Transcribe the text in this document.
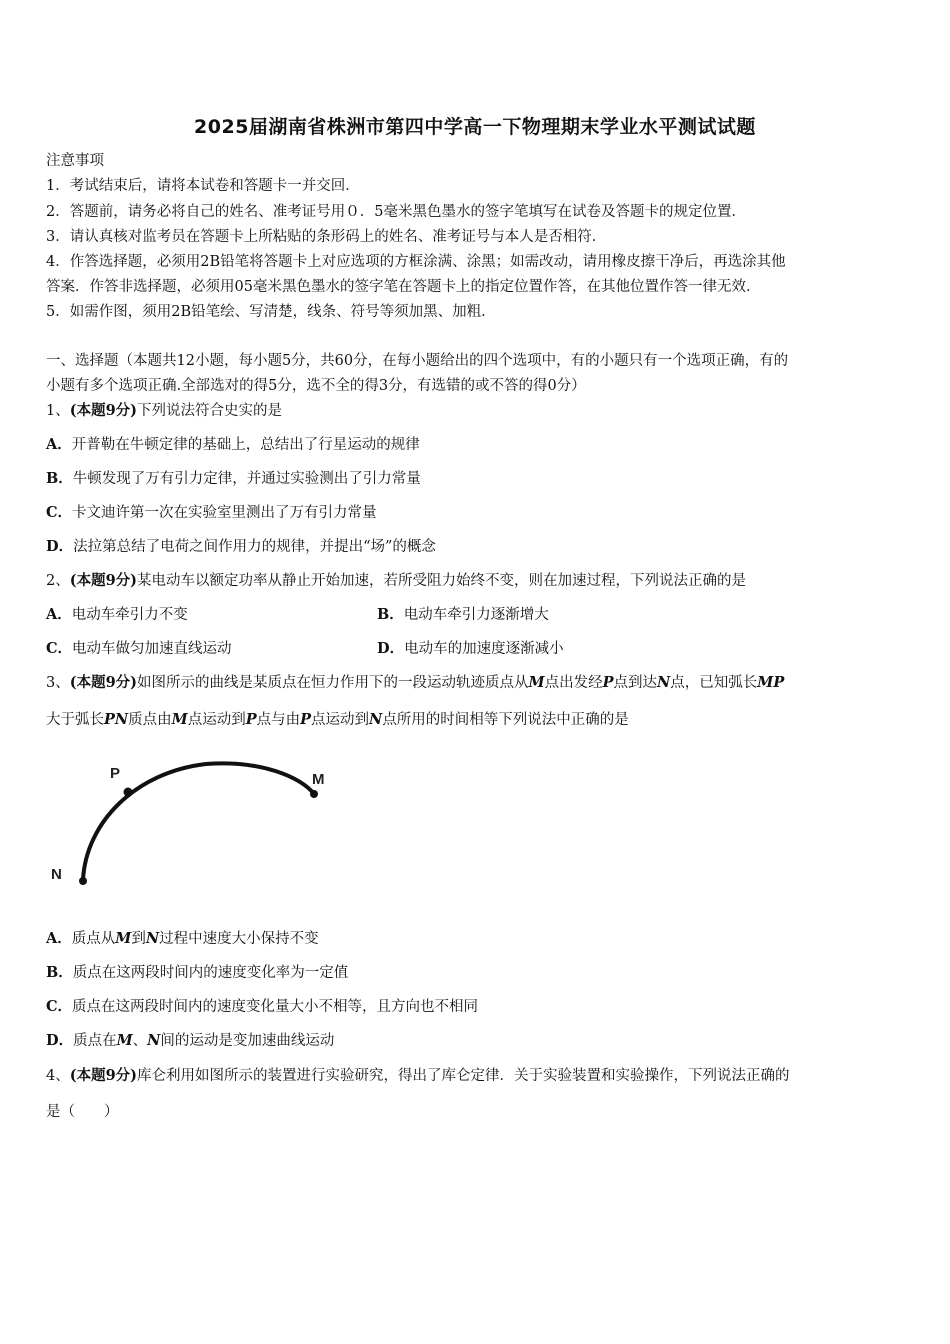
2025届湖南省株洲市第四中学高一下物理期末学业水平测试试题
注意事项
1．考试结束后，请将本试卷和答题卡一并交回．
2．答题前，请务必将自己的姓名、准考证号用０．5毫米黑色墨水的签字笔填写在试卷及答题卡的规定位置．
3．请认真核对监考员在答题卡上所粘贴的条形码上的姓名、准考证号与本人是否相符．
4．作答选择题，必须用2B铅笔将答题卡上对应选项的方框涂满、涂黑；如需改动，请用橡皮擦干净后，再选涂其他
答案．作答非选择题，必须用05毫米黑色墨水的签字笔在答题卡上的指定位置作答，在其他位置作答一律无效．
5．如需作图，须用2B铅笔绘、写清楚，线条、符号等须加黑、加粗．
一、选择题（本题共12小题，每小题5分，共60分，在每小题给出的四个选项中，有的小题只有一个选项正确，有的
小题有多个选项正确.全部选对的得5分，选不全的得3分，有选错的或不答的得0分）
1、(本题9分)下列说法符合史实的是
A．开普勒在牛顿定律的基础上，总结出了行星运动的规律
B．牛顿发现了万有引力定律，并通过实验测出了引力常量
C．卡文迪许第一次在实验室里测出了万有引力常量
D．法拉第总结了电荷之间作用力的规律，并提出“场”的概念
2、(本题9分)某电动车以额定功率从静止开始加速，若所受阻力始终不变，则在加速过程，下列说法正确的是
A．电动车牵引力不变	B．电动车牵引力逐渐增大
C．电动车做匀加速直线运动	D．电动车的加速度逐渐减小
3、(本题9分)如图所示的曲线是某质点在恒力作用下的一段运动轨迹质点从M点出发经P点到达N点，已知弧长MP
大于弧长PN质点由M点运动到P点与由P点运动到N点所用的时间相等下列说法中正确的是
P	M
N
A．质点从M到N过程中速度大小保持不变
B．质点在这两段时间内的速度变化率为一定值
C．质点在这两段时间内的速度变化量大小不相等，且方向也不相同
D．质点在M、N间的运动是变加速曲线运动
4、(本题9分)库仑利用如图所示的装置进行实验研究，得出了库仑定律．关于实验装置和实验操作，下列说法正确的
是（　　）
